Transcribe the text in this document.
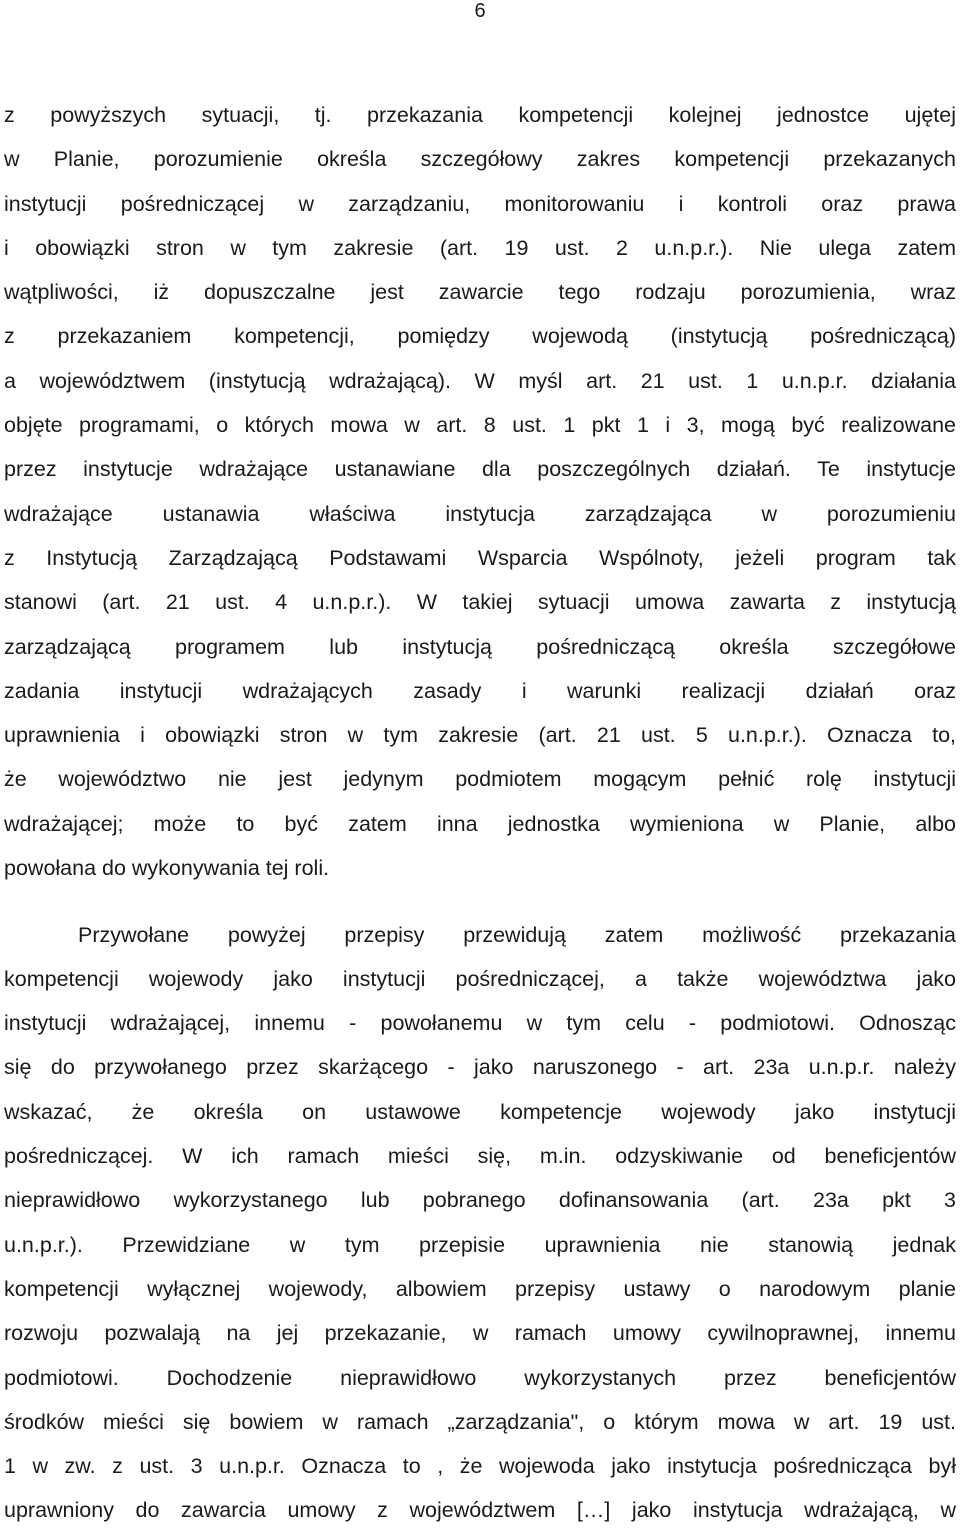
6
z powyższych sytuacji, tj. przekazania kompetencji kolejnej jednostce ujętej
w Planie, porozumienie określa szczegółowy zakres kompetencji przekazanych
instytucji pośredniczącej w zarządzaniu, monitorowaniu i kontroli oraz prawa
i obowiązki stron w tym zakresie (art. 19 ust. 2 u.n.p.r.). Nie ulega zatem
wątpliwości, iż dopuszczalne jest zawarcie tego rodzaju porozumienia, wraz
z przekazaniem kompetencji, pomiędzy wojewodą (instytucją pośredniczącą)
a województwem (instytucją wdrażającą). W myśl art. 21 ust. 1 u.n.p.r. działania
objęte programami, o których mowa w art. 8 ust. 1 pkt 1 i 3, mogą być realizowane
przez instytucje wdrażające ustanawiane dla poszczególnych działań. Te instytucje
wdrażające ustanawia właściwa instytucja zarządzająca w porozumieniu
z Instytucją Zarządzającą Podstawami Wsparcia Wspólnoty, jeżeli program tak
stanowi (art. 21 ust. 4 u.n.p.r.). W takiej sytuacji umowa zawarta z instytucją
zarządzającą programem lub instytucją pośredniczącą określa szczegółowe
zadania instytucji wdrażających zasady i warunki realizacji działań oraz
uprawnienia i obowiązki stron w tym zakresie (art. 21 ust. 5 u.n.p.r.). Oznacza to,
że województwo nie jest jedynym podmiotem mogącym pełnić rolę instytucji
wdrażającej; może to być zatem inna jednostka wymieniona w Planie, albo
powołana do wykonywania tej roli.
Przywołane powyżej przepisy przewidują zatem możliwość przekazania
kompetencji wojewody jako instytucji pośredniczącej, a także województwa jako
instytucji wdrażającej, innemu - powołanemu w tym celu - podmiotowi. Odnosząc
się do przywołanego przez skarżącego - jako naruszonego - art. 23a u.n.p.r. należy
wskazać, że określa on ustawowe kompetencje wojewody jako instytucji
pośredniczącej. W ich ramach mieści się, m.in. odzyskiwanie od beneficjentów
nieprawidłowo wykorzystanego lub pobranego dofinansowania (art. 23a pkt 3
u.n.p.r.). Przewidziane w tym przepisie uprawnienia nie stanowią jednak
kompetencji wyłącznej wojewody, albowiem przepisy ustawy o narodowym planie
rozwoju pozwalają na jej przekazanie, w ramach umowy cywilnoprawnej, innemu
podmiotowi. Dochodzenie nieprawidłowo wykorzystanych przez beneficjentów
środków mieści się bowiem w ramach „zarządzania", o którym mowa w art. 19 ust.
1 w zw. z ust. 3 u.n.p.r. Oznacza to , że wojewoda jako instytucja pośrednicząca był
uprawniony do zawarcia umowy z województwem […] jako instytucja wdrażającą, w
